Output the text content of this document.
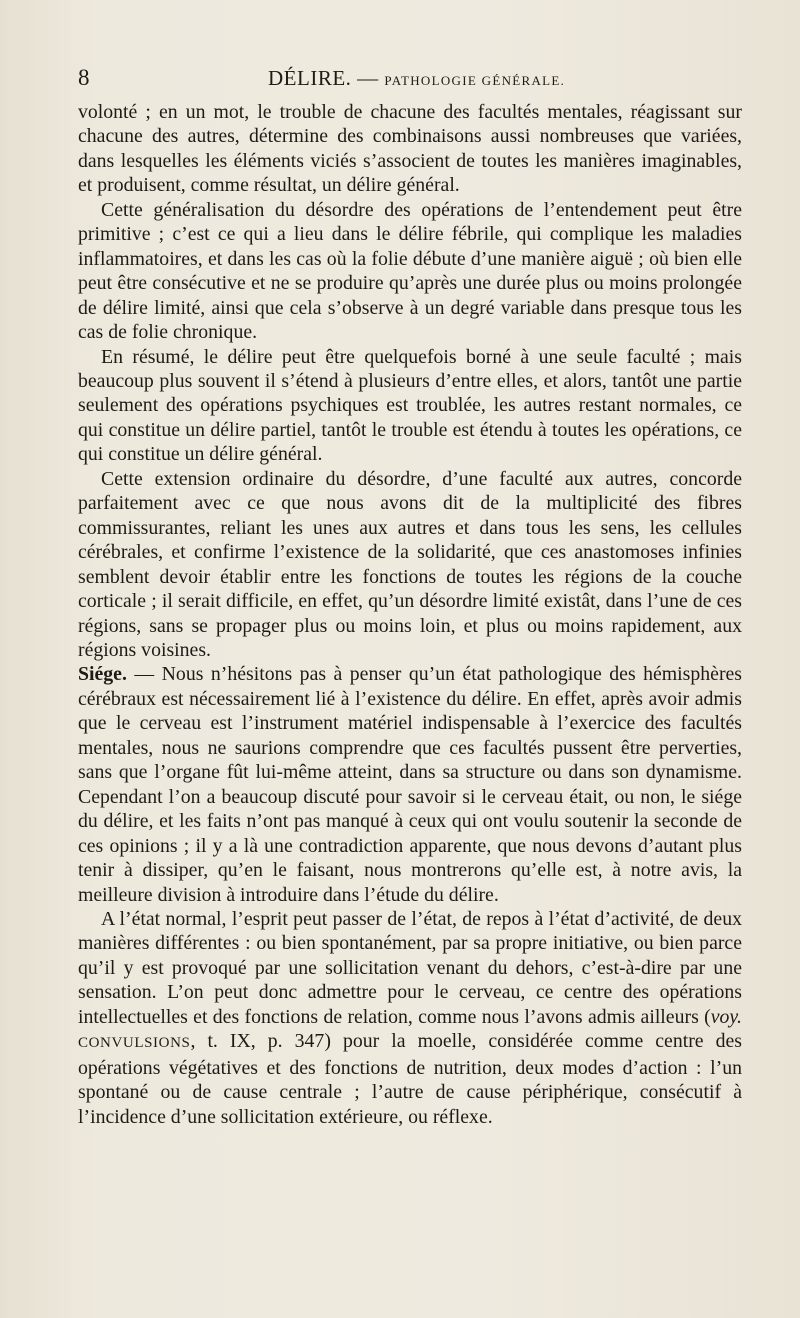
8	DÉLIRE. — PATHOLOGIE GÉNÉRALE.

volonté ; en un mot, le trouble de chacune des facultés mentales, réagissant sur chacune des autres, détermine des combinaisons aussi nombreuses que variées, dans lesquelles les éléments viciés s’associent de toutes les manières imaginables, et produisent, comme résultat, un délire général.

Cette généralisation du désordre des opérations de l’entendement peut être primitive ; c’est ce qui a lieu dans le délire fébrile, qui complique les maladies inflammatoires, et dans les cas où la folie débute d’une manière aiguë ; où bien elle peut être consécutive et ne se produire qu’après une durée plus ou moins prolongée de délire limité, ainsi que cela s’observe à un degré variable dans presque tous les cas de folie chronique.

En résumé, le délire peut être quelquefois borné à une seule faculté ; mais beaucoup plus souvent il s’étend à plusieurs d’entre elles, et alors, tantôt une partie seulement des opérations psychiques est troublée, les autres restant normales, ce qui constitue un délire partiel, tantôt le trouble est étendu à toutes les opérations, ce qui constitue un délire général.

Cette extension ordinaire du désordre, d’une faculté aux autres, concorde parfaitement avec ce que nous avons dit de la multiplicité des fibres commissurantes, reliant les unes aux autres et dans tous les sens, les cellules cérébrales, et confirme l’existence de la solidarité, que ces anastomoses infinies semblent devoir établir entre les fonctions de toutes les régions de la couche corticale ; il serait difficile, en effet, qu’un désordre limité existât, dans l’une de ces régions, sans se propager plus ou moins loin, et plus ou moins rapidement, aux régions voisines.

Siége. — Nous n’hésitons pas à penser qu’un état pathologique des hémisphères cérébraux est nécessairement lié à l’existence du délire. En effet, après avoir admis que le cerveau est l’instrument matériel indispensable à l’exercice des facultés mentales, nous ne saurions comprendre que ces facultés pussent être perverties, sans que l’organe fût lui-même atteint, dans sa structure ou dans son dynamisme. Cependant l’on a beaucoup discuté pour savoir si le cerveau était, ou non, le siége du délire, et les faits n’ont pas manqué à ceux qui ont voulu soutenir la seconde de ces opinions ; il y a là une contradiction apparente, que nous devons d’autant plus tenir à dissiper, qu’en le faisant, nous montrerons qu’elle est, à notre avis, la meilleure division à introduire dans l’étude du délire.

A l’état normal, l’esprit peut passer de l’état, de repos à l’état d’activité, de deux manières différentes : ou bien spontanément, par sa propre initiative, ou bien parce qu’il y est provoqué par une sollicitation venant du dehors, c’est-à-dire par une sensation. L’on peut donc admettre pour le cerveau, ce centre des opérations intellectuelles et des fonctions de relation, comme nous l’avons admis ailleurs (voy. CONVULSIONS, t. IX, p. 347) pour la moelle, considérée comme centre des opérations végétatives et des fonctions de nutrition, deux modes d’action : l’un spontané ou de cause centrale ; l’autre de cause périphérique, consécutif à l’incidence d’une sollicitation extérieure, ou réflexe.
